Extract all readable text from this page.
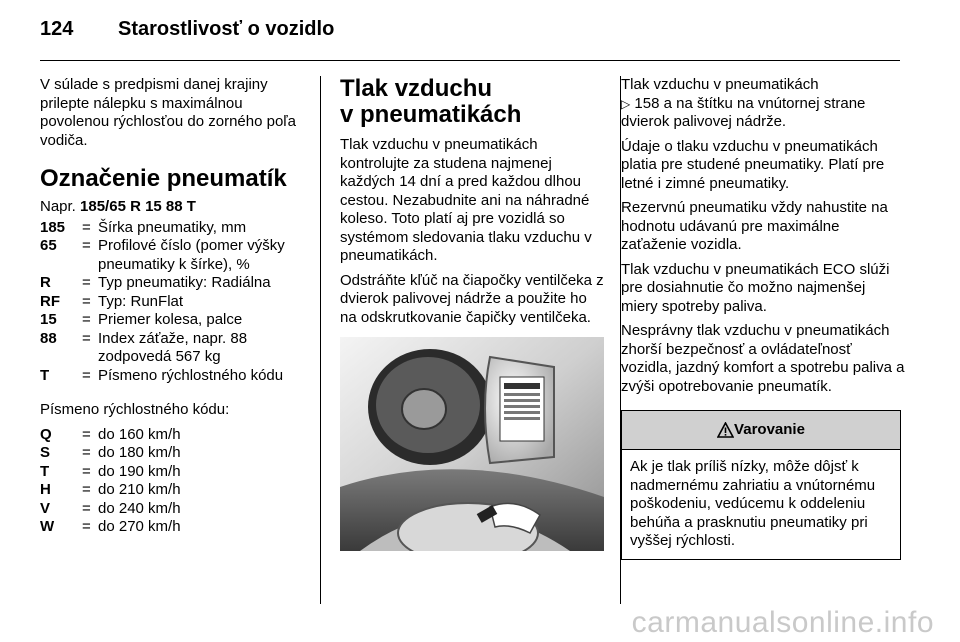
124 Starostlivosť o vozidlo

V súlade s predpismi danej krajiny prilepte nálepku s maximálnou povolenou rýchlosťou do zorného poľa vodiča.

Označenie pneumatík
Napr. 185/65 R 15 88 T
185	= Šírka pneumatiky, mm
65	= Profilové číslo (pomer výšky pneumatiky k šírke), %
R	= Typ pneumatiky: Radiálna
RF	= Typ: RunFlat
15	= Priemer kolesa, palce
88	= Index záťaže, napr. 88 zodpovedá 567 kg
T	= Písmeno rýchlostného kódu

Písmeno rýchlostného kódu:

Q	= do 160 km/h
S	= do 180 km/h
T	= do 190 km/h
H	= do 210 km/h
V	= do 240 km/h
W	= do 270 km/h
Tlak vzduchu
v pneumatikách

Tlak vzduchu v pneumatikách kontrolujte za studena najmenej každých 14 dní a pred každou dlhou cestou. Nezabudnite ani na náhradné koleso. Toto platí aj pre vozidlá so systémom sledovania tlaku vzduchu v pneumatikách.

Odstráňte kľúč na čiapočky ventilčeka z dvierok palivovej nádrže a použite ho na odskrutkovanie čapičky ventilčeka.

Tlak vzduchu v pneumatikách
▷ 158 a na štítku na vnútornej strane dvierok palivovej nádrže.

Údaje o tlaku vzduchu v pneumatikách platia pre studené pneumatiky. Platí pre letné i zimné pneumatiky.

Rezervnú pneumatiku vždy nahustite na hodnotu udávanú pre maximálne zaťaženie vozidla.

Tlak vzduchu v pneumatikách ECO slúži pre dosiahnutie čo možno najmenšej miery spotreby paliva.

Nesprávny tlak vzduchu v pneumatikách zhorší bezpečnosť a ovládateľnosť vozidla, jazdný komfort a spotrebu paliva a zvýši opotrebovanie pneumatík.

Varovanie
Ak je tlak príliš nízky, môže dôjsť k nadmernému zahriatiu a vnútornému poškodeniu, vedúcemu k oddeleniu behúňa a prasknutiu pneumatiky pri vyššej rýchlosti.
carmanualsonline.info
